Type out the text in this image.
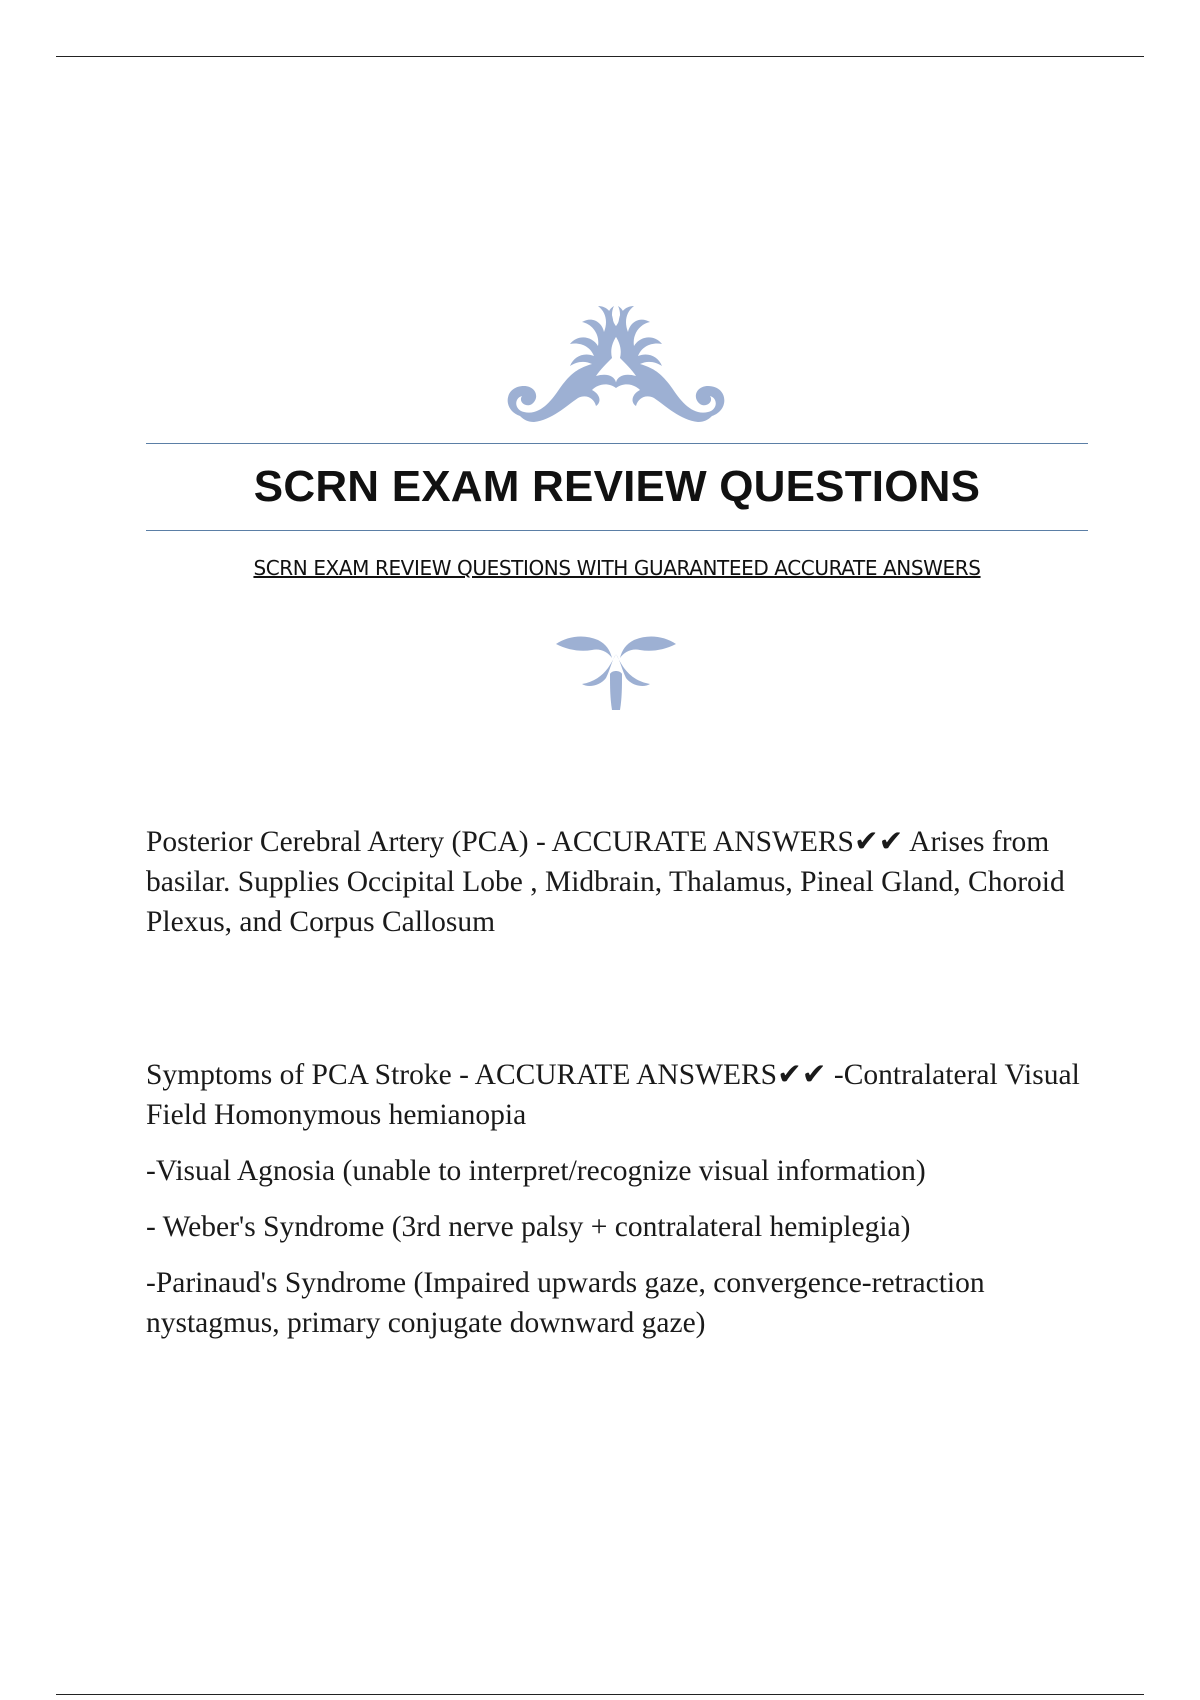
SCRN EXAM REVIEW QUESTIONS

SCRN EXAM REVIEW QUESTIONS WITH GUARANTEED ACCURATE ANSWERS

Posterior Cerebral Artery (PCA) - ACCURATE ANSWERS✔✔ Arises from basilar. Supplies Occipital Lobe , Midbrain, Thalamus, Pineal Gland, Choroid Plexus, and Corpus Callosum

Symptoms of PCA Stroke - ACCURATE ANSWERS✔✔ -Contralateral Visual Field Homonymous hemianopia

-Visual Agnosia (unable to interpret/recognize visual information)

- Weber's Syndrome (3rd nerve palsy + contralateral hemiplegia)

-Parinaud's Syndrome (Impaired upwards gaze, convergence-retraction nystagmus, primary conjugate downward gaze)
